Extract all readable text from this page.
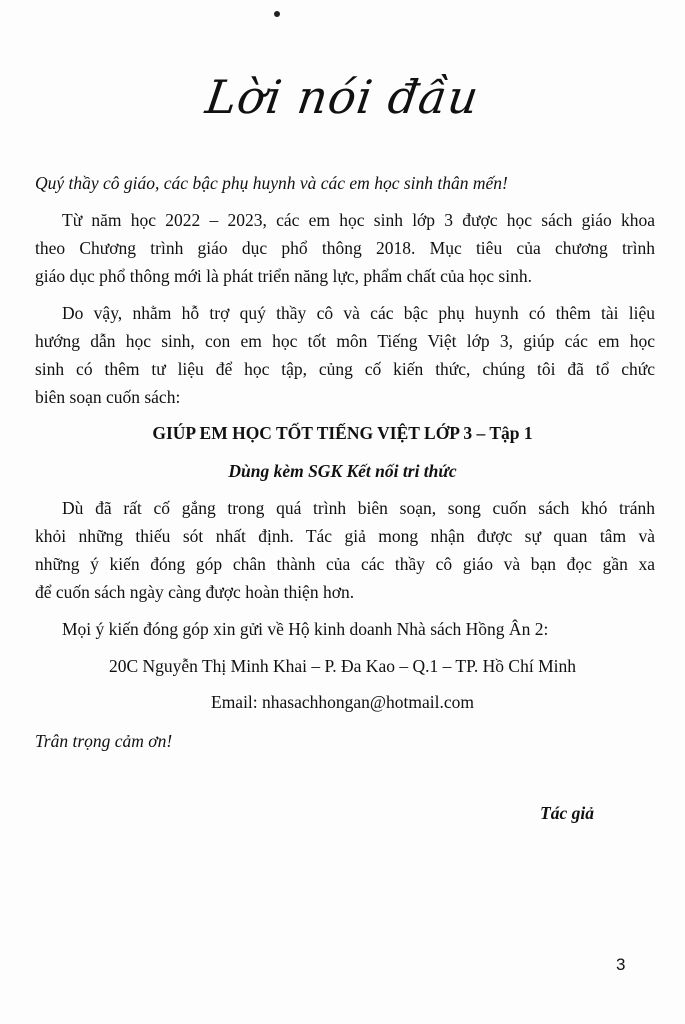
Lời nói đầu
Quý thầy cô giáo, các bậc phụ huynh và các em học sinh thân mến!
Từ năm học 2022 – 2023, các em học sinh lớp 3 được học sách giáo khoa
theo Chương trình giáo dục phổ thông 2018. Mục tiêu của chương trình
giáo dục phổ thông mới là phát triển năng lực, phẩm chất của học sinh.
Do vậy, nhằm hỗ trợ quý thầy cô và các bậc phụ huynh có thêm tài liệu
hướng dẫn học sinh, con em học tốt môn Tiếng Việt lớp 3, giúp các em học
sinh có thêm tư liệu để học tập, củng cố kiến thức, chúng tôi đã tổ chức
biên soạn cuốn sách:
GIÚP EM HỌC TỐT TIẾNG VIỆT LỚP 3 – Tập 1
Dùng kèm SGK Kết nối tri thức
Dù đã rất cố gắng trong quá trình biên soạn, song cuốn sách khó tránh
khỏi những thiếu sót nhất định. Tác giả mong nhận được sự quan tâm và
những ý kiến đóng góp chân thành của các thầy cô giáo và bạn đọc gần xa
để cuốn sách ngày càng được hoàn thiện hơn.
Mọi ý kiến đóng góp xin gửi về Hộ kinh doanh Nhà sách Hồng Ân 2:
20C Nguyễn Thị Minh Khai – P. Đa Kao – Q.1 – TP. Hồ Chí Minh
Email: nhasachhongan@hotmail.com
Trân trọng cảm ơn!
Tác giả
3
